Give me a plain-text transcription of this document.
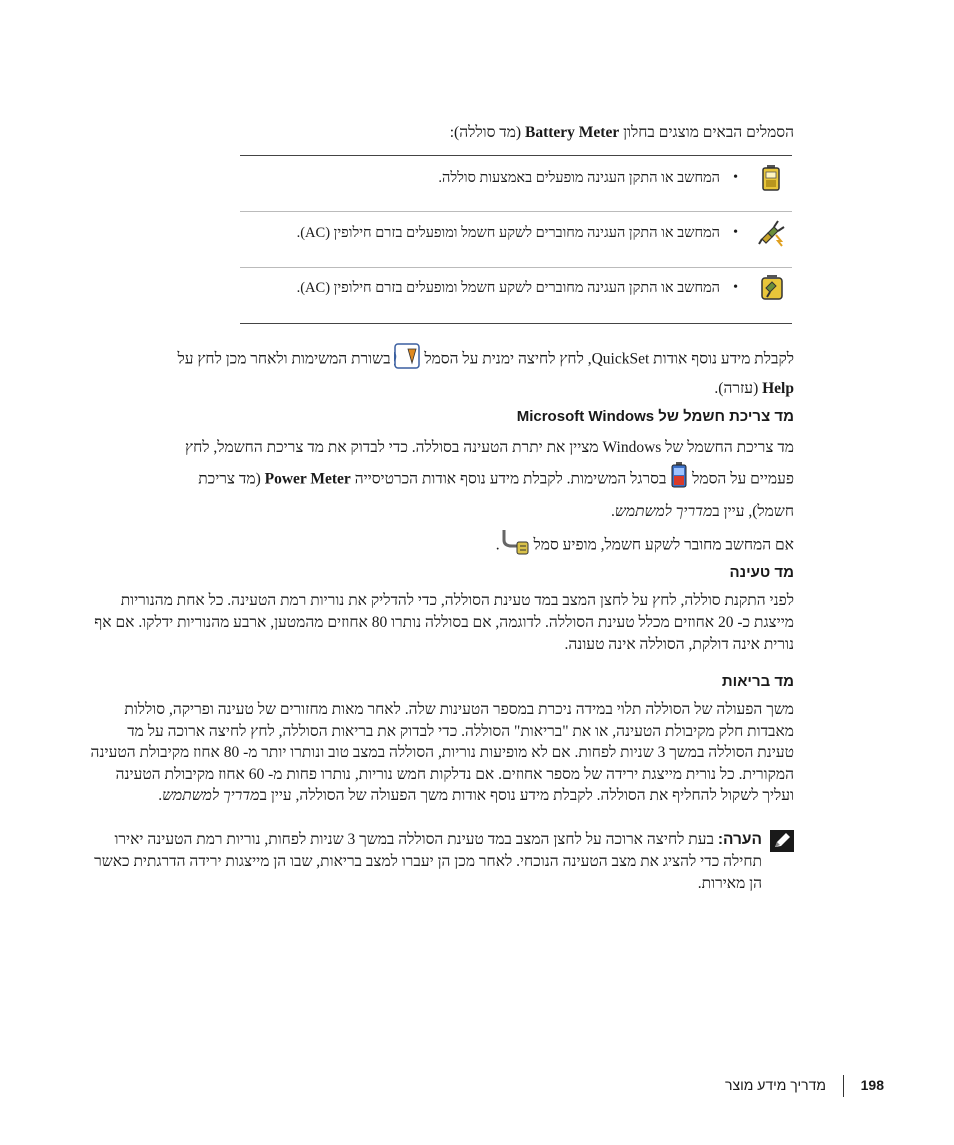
הסמלים הבאים מוצגים בחלון Battery Meter (מד סוללה):
•
המחשב או התקן העגינה מופעלים באמצעות סוללה.
•
המחשב או התקן העגינה מחוברים לשקע חשמל ומופעלים בזרם חילופין (AC).
•
המחשב או התקן העגינה מחוברים לשקע חשמל ומופעלים בזרם חילופין (AC).
לקבלת מידע נוסף אודות QuickSet, לחץ לחיצה ימנית על הסמל
בשורת המשימות ולאחר מכן לחץ על
Help (עזרה).
מד צריכת חשמל של Microsoft Windows
מד צריכת החשמל של Windows מציין את יתרת הטעינה בסוללה. כדי לבדוק את מד צריכת החשמל, לחץ
פעמיים על הסמל  בסרגל המשימות. לקבלת מידע נוסף אודות הכרטיסייה Power Meter (מד צריכת
חשמל), עיין במדריך למשתמש.
אם המחשב מחובר לשקע חשמל, מופיע סמל .
מד טעינה
לפני התקנת סוללה, לחץ על לחצן המצב במד טעינת הסוללה, כדי להדליק את נוריות רמת הטעינה. כל אחת מהנוריות מייצגת כ- 20 אחוזים מכלל טעינת הסוללה. לדוגמה, אם בסוללה נותרו 80 אחוזים מהמטען, ארבע מהנוריות ידלקו. אם אף נורית אינה דולקת, הסוללה אינה טעונה.
מד בריאות
משך הפעולה של הסוללה תלוי במידה ניכרת במספר הטעינות שלה. לאחר מאות מחזורים של טעינה ופריקה, סוללות מאבדות חלק מקיבולת הטעינה, או את "בריאות" הסוללה. כדי לבדוק את בריאות הסוללה, לחץ לחיצה ארוכה על מד טעינת הסוללה במשך 3 שניות לפחות. אם לא מופיעות נוריות, הסוללה במצב טוב ונותרו יותר מ- 80 אחוז מקיבולת הטעינה המקורית. כל נורית מייצגת ירידה של מספר אחוזים. אם נדלקות חמש נוריות, נותרו פחות מ- 60 אחוז מקיבולת הטעינה ועליך לשקול להחליף את הסוללה. לקבלת מידע נוסף אודות משך הפעולה של הסוללה, עיין במדריך למשתמש.
הערה: בעת לחיצה ארוכה על לחצן המצב במד טעינת הסוללה במשך 3 שניות לפחות, נוריות רמת הטעינה יאירו תחילה כדי להציג את מצב הטעינה הנוכחי. לאחר מכן הן יעברו למצב בריאות, שבו הן מייצגות ירידה הדרגתית כאשר הן מאירות.
מדריך מידע מוצר 198
